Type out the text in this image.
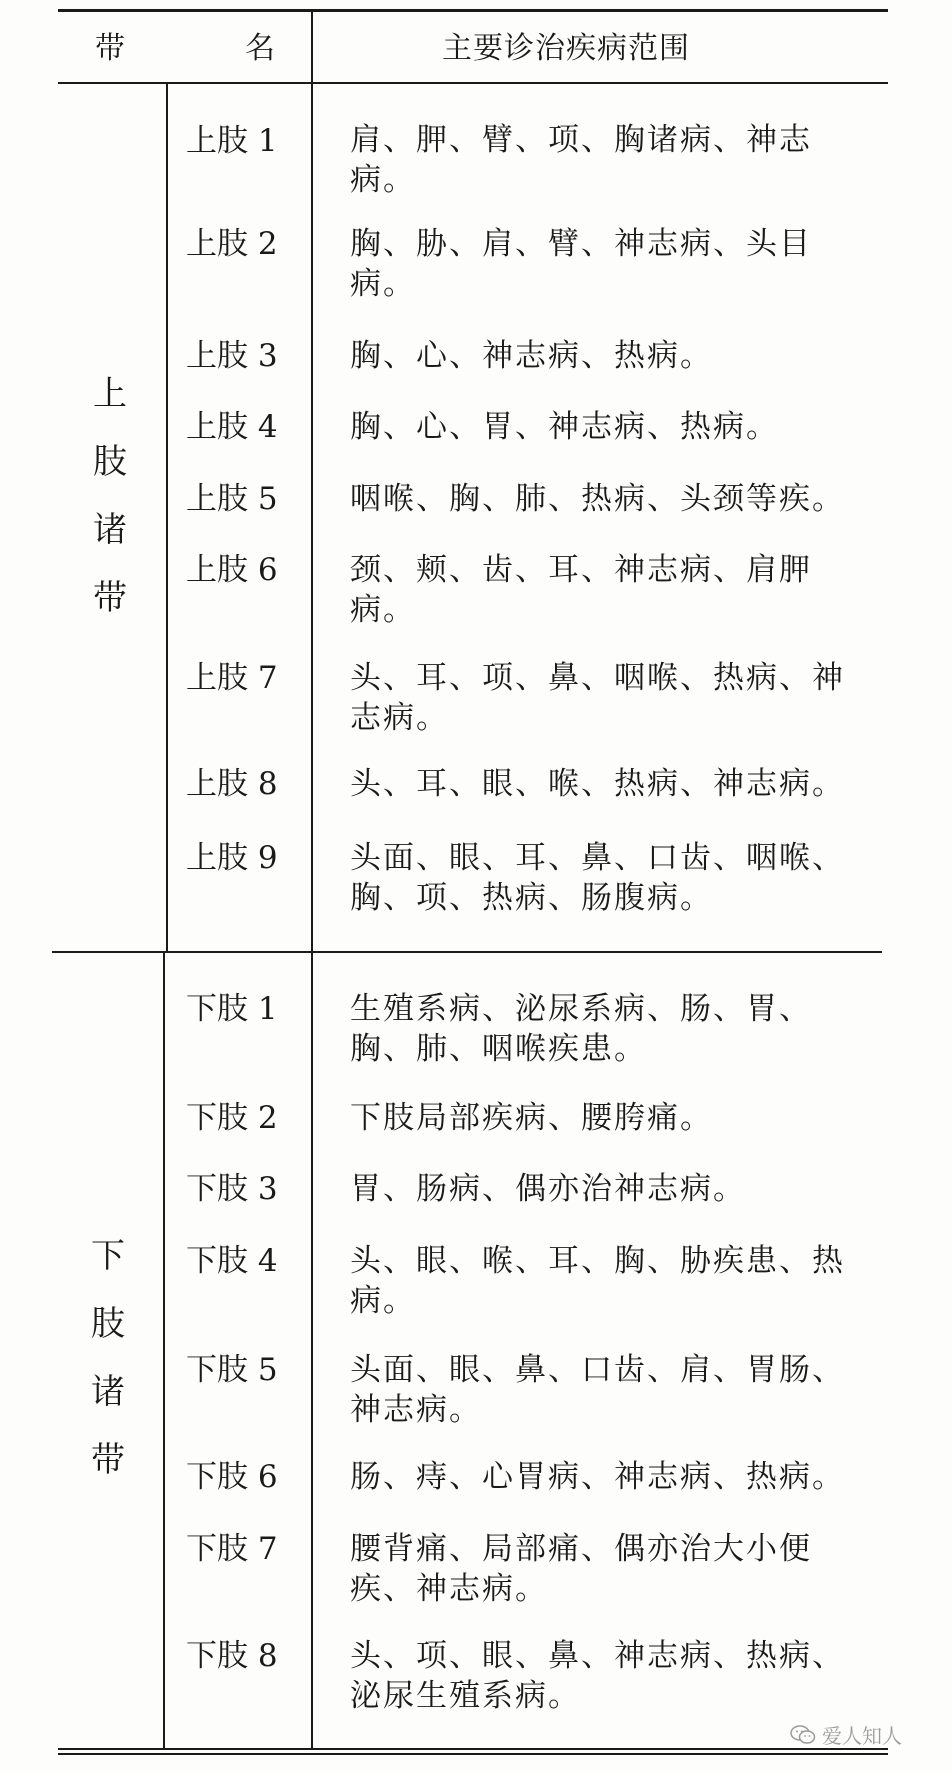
带	名	主要诊治疾病范围
上肢诸带
下肢诸带
上肢 1 肩、胛、臂、项、胸诸病、神志病。
上肢 2 胸、胁、肩、臂、神志病、头目病。
上肢 3 胸、心、神志病、热病。
上肢 4 胸、心、胃、神志病、热病。
上肢 5 咽喉、胸、肺、热病、头颈等疾。
上肢 6 颈、颊、齿、耳、神志病、肩胛病。
上肢 7 头、耳、项、鼻、咽喉、热病、神志病。
上肢 8 头、耳、眼、喉、热病、神志病。
上肢 9 头面、眼、耳、鼻、口齿、咽喉、胸、项、热病、肠腹病。
下肢 1 生殖系病、泌尿系病、肠、胃、胸、肺、咽喉疾患。
下肢 2 下肢局部疾病、腰胯痛。
下肢 3 胃、肠病、偶亦治神志病。
下肢 4 头、眼、喉、耳、胸、胁疾患、热病。
下肢 5 头面、眼、鼻、口齿、肩、胃肠、神志病。
下肢 6 肠、痔、心胃病、神志病、热病。
下肢 7 腰背痛、局部痛、偶亦治大小便疾、神志病。
下肢 8 头、项、眼、鼻、神志病、热病、泌尿生殖系病。
爱人知人
